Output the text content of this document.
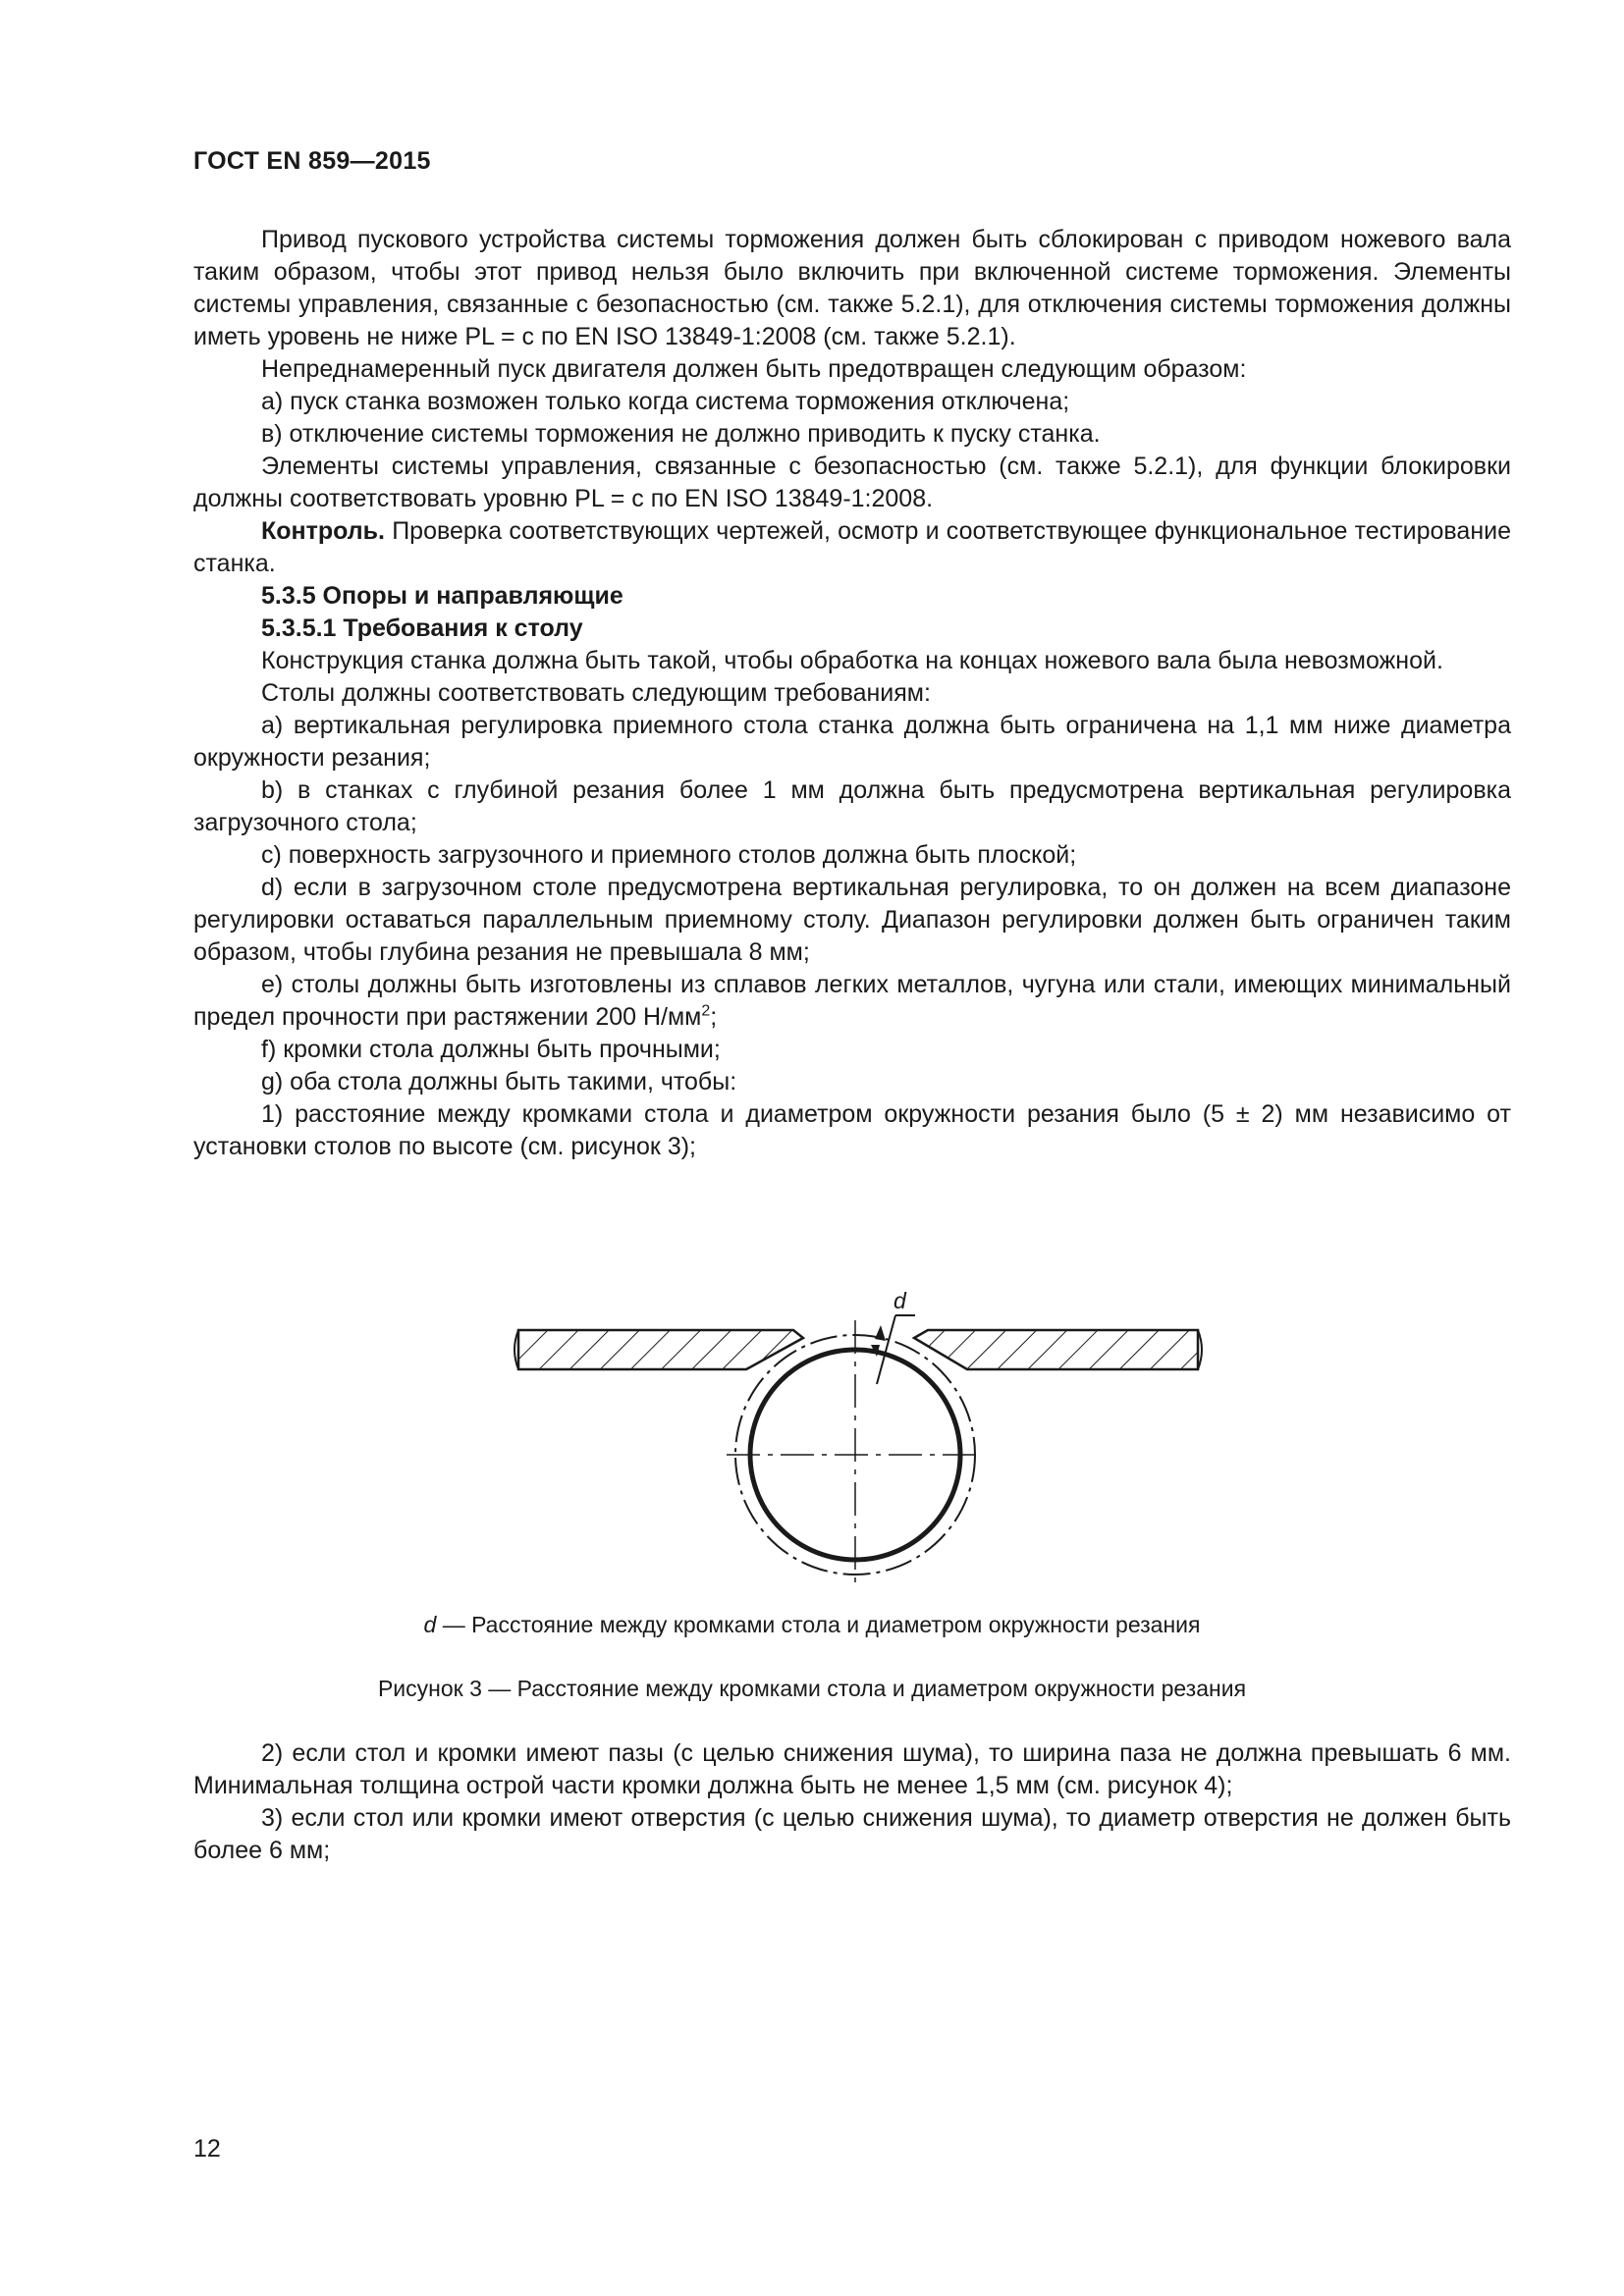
ГОСТ EN 859—2015

Привод пускового устройства системы торможения должен быть сблокирован с приводом ножевого вала таким образом, чтобы этот привод нельзя было включить при включенной системе торможения. Элементы системы управления, связанные с безопасностью (см. также 5.2.1), для отключения системы торможения должны иметь уровень не ниже PL = c по EN ISO 13849-1:2008 (см. также 5.2.1).

Непреднамеренный пуск двигателя должен быть предотвращен следующим образом:

а) пуск станка возможен только когда система торможения отключена;

в) отключение системы торможения не должно приводить к пуску станка.

Элементы системы управления, связанные с безопасностью (см. также 5.2.1), для функции блокировки должны соответствовать уровню PL = c по EN ISO 13849-1:2008.

Контроль. Проверка соответствующих чертежей, осмотр и соответствующее функциональное тестирование станка.

5.3.5 Опоры и направляющие

5.3.5.1 Требования к столу

Конструкция станка должна быть такой, чтобы обработка на концах ножевого вала была невозможной.

Столы должны соответствовать следующим требованиям:

а) вертикальная регулировка приемного стола станка должна быть ограничена на 1,1 мм ниже диаметра окружности резания;

b) в станках с глубиной резания более 1 мм должна быть предусмотрена вертикальная регулировка загрузочного стола;

c) поверхность загрузочного и приемного столов должна быть плоской;

d) если в загрузочном столе предусмотрена вертикальная регулировка, то он должен на всем диапазоне регулировки оставаться параллельным приемному столу. Диапазон регулировки должен быть ограничен таким образом, чтобы глубина резания не превышала 8 мм;

e) столы должны быть изготовлены из сплавов легких металлов, чугуна или стали, имеющих минимальный предел прочности при растяжении 200 $Н/мм^2$;

f) кромки стола должны быть прочными;

g) оба стола должны быть такими, чтобы:

1) расстояние между кромками стола и диаметром окружности резания было (5 ± 2) мм независимо от установки столов по высоте (см. рисунок 3);

d
d — Расстояние между кромками стола и диаметром окружности резания
Рисунок 3 — Расстояние между кромками стола и диаметром окружности резания

2) если стол и кромки имеют пазы (с целью снижения шума), то ширина паза не должна превышать 6 мм. Минимальная толщина острой части кромки должна быть не менее 1,5 мм (см. рисунок 4);

3) если стол или кромки имеют отверстия (с целью снижения шума), то диаметр отверстия не должен быть более 6 мм;

12
